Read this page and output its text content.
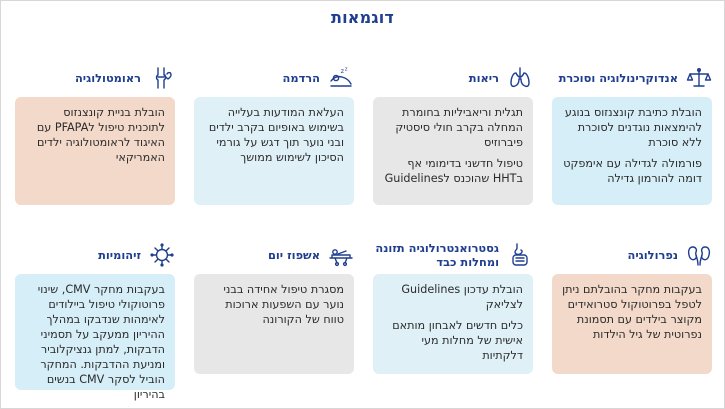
דוגמאות
אנדוקרינולוגיה וסוכרת

הובלת כתיבת קונצנזוס בנוגע להימצאות נוגדנים לסוכרת ללא סוכרת

פורמולה לגדילה עם אימפקט דומה להורמון גדילה

ריאות

תגלית וריאביליות בחומרת המחלה בקרב חולי סיסטיק פיברוזיס

טיפול חדשני בדימומי אף בHHT שהוכנס לGuidelines

z z
הרדמה

העלאת המודעות בעלייה בשימוש באופיום בקרב ילדים ובני נוער תוך דגש על גורמי הסיכון לשימוש ממושך

ראומטולוגיה

הובלת בניית קונצנזוס לתוכנית טיפול לPFAPA עם האיגוד לראומטולוגיה ילדים האמריקאי

נפרולוגיה

בעקבות מחקר בהובלתם ניתן לטפל בפרוטוקול סטרואידים מקוצר בילדים עם תסמונת נפרוטית של גיל הילדות

גסטרואנטרולוגיה תזונה ומחלות כבד

הובלת עדכון Guidelines לצליאק

כלים חדשים לאבחון מותאם אישית של מחלות מעי דלקתיות

אשפוז יום

מסגרת טיפול אחידה בבני נוער עם השפעות ארוכות טווח של הקורונה

זיהומיות

בעקבות מחקר CMV, שינוי פרוטוקולי טיפול ביילודים לאימהות שנדבקו במהלך ההיריון ממעקב על תסמיני הדבקות, למתן גנציקלוביר ומניעת ההדבקות. המחקר הוביל לסקר CMV בנשים בהיריון
